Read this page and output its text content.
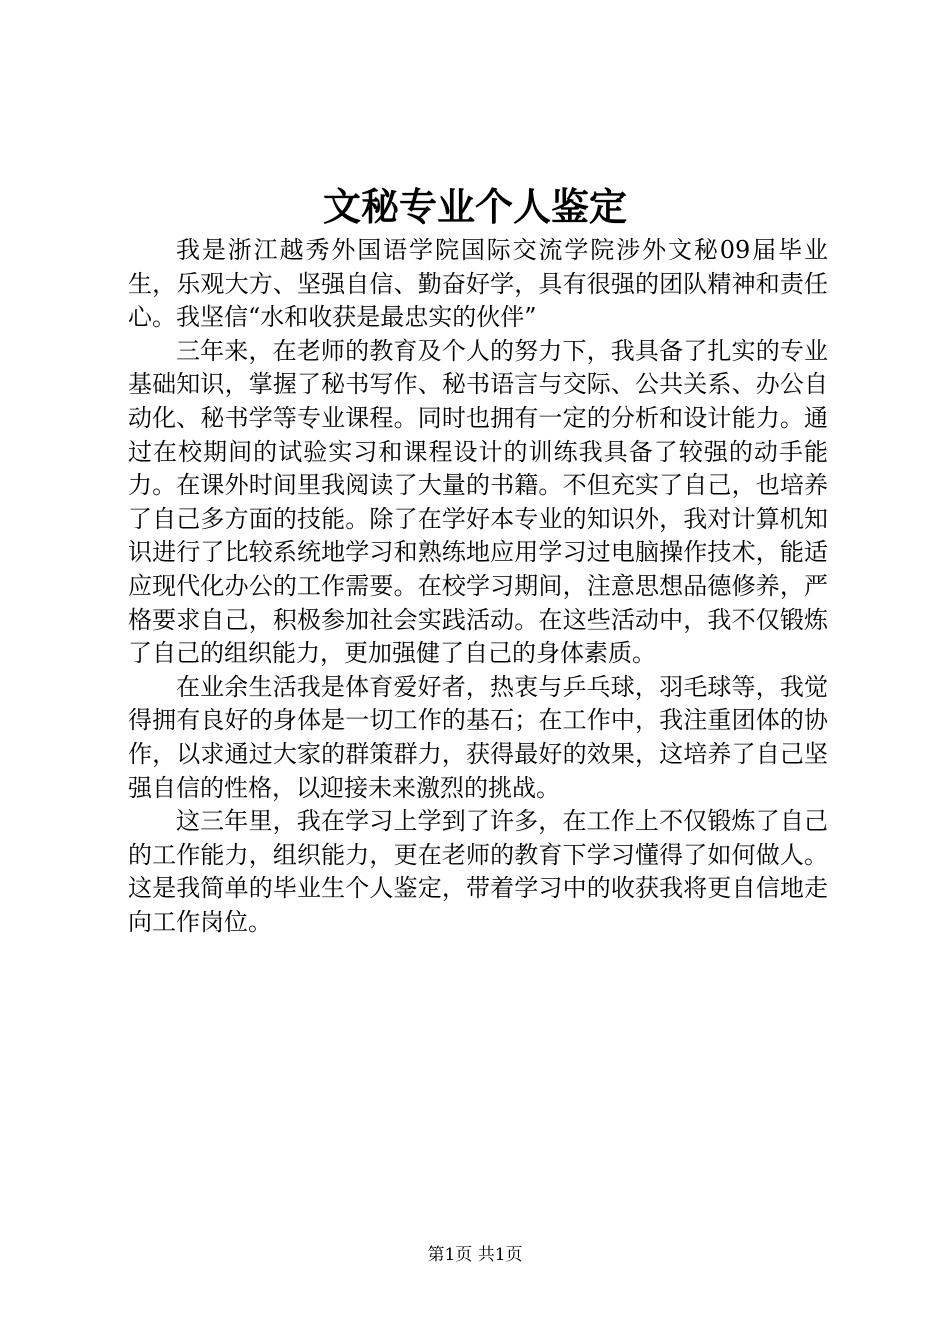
文秘专业个人鉴定

我是浙江越秀外国语学院国际交流学院涉外文秘09届毕业生，乐观大方、坚强自信、勤奋好学，具有很强的团队精神和责任心。我坚信“水和收获是最忠实的伙伴”

三年来，在老师的教育及个人的努力下，我具备了扎实的专业基础知识，掌握了秘书写作、秘书语言与交际、公共关系、办公自动化、秘书学等专业课程。同时也拥有一定的分析和设计能力。通过在校期间的试验实习和课程设计的训练我具备了较强的动手能力。在课外时间里我阅读了大量的书籍。不但充实了自己，也培养了自己多方面的技能。除了在学好本专业的知识外，我对计算机知识进行了比较系统地学习和熟练地应用学习过电脑操作技术，能适应现代化办公的工作需要。在校学习期间，注意思想品德修养，严格要求自己，积极参加社会实践活动。在这些活动中，我不仅锻炼了自己的组织能力，更加强健了自己的身体素质。

在业余生活我是体育爱好者，热衷与乒乓球，羽毛球等，我觉得拥有良好的身体是一切工作的基石；在工作中，我注重团体的协作，以求通过大家的群策群力，获得最好的效果，这培养了自己坚强自信的性格，以迎接未来激烈的挑战。

这三年里，我在学习上学到了许多，在工作上不仅锻炼了自己的工作能力，组织能力，更在老师的教育下学习懂得了如何做人。这是我简单的毕业生个人鉴定，带着学习中的收获我将更自信地走向工作岗位。

第1页 共1页
